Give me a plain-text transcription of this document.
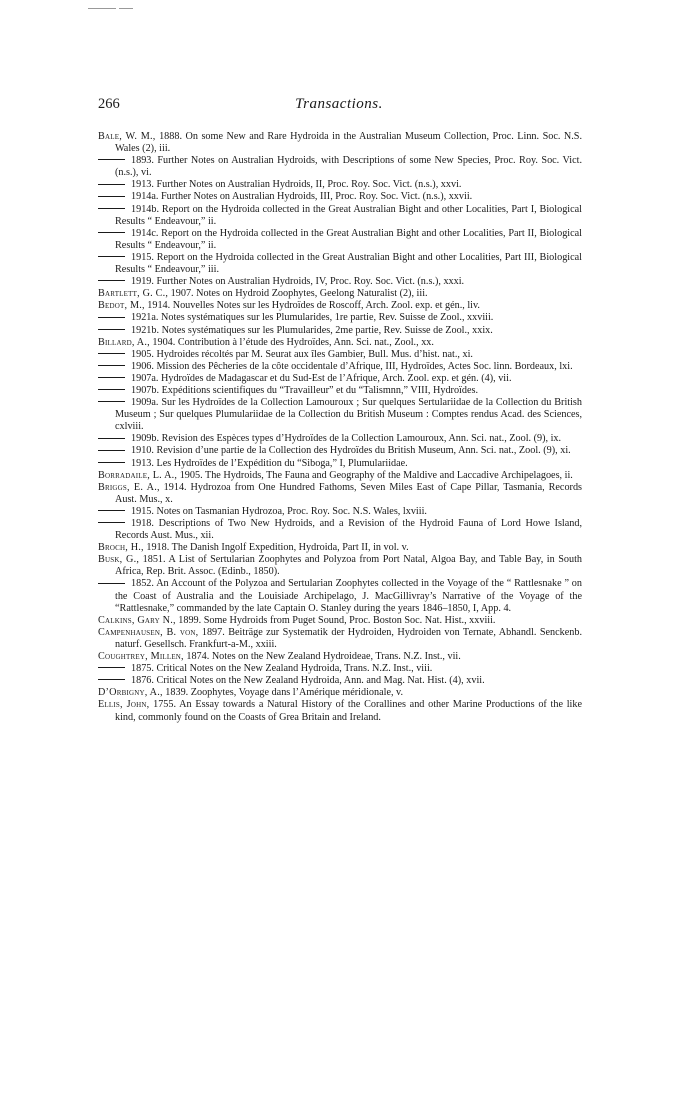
266	Transactions.

Bale, W. M., 1888. On some New and Rare Hydroida in the Australian Museum Collection, Proc. Linn. Soc. N.S. Wales (2), iii.

1893. Further Notes on Australian Hydroids, with Descriptions of some New Species, Proc. Roy. Soc. Vict. (n.s.), vi.

1913. Further Notes on Australian Hydroids, II, Proc. Roy. Soc. Vict. (n.s.), xxvi.

1914a. Further Notes on Australian Hydroids, III, Proc. Roy. Soc. Vict. (n.s.), xxvii.

1914b. Report on the Hydroida collected in the Great Australian Bight and other Localities, Part I, Biological Results “ Endeavour,” ii.

1914c. Report on the Hydroida collected in the Great Australian Bight and other Localities, Part II, Biological Results “ Endeavour,” ii.

1915. Report on the Hydroida collected in the Great Australian Bight and other Localities, Part III, Biological Results “ Endeavour,” iii.

1919. Further Notes on Australian Hydroids, IV, Proc. Roy. Soc. Vict. (n.s.), xxxi.

Bartlett, G. C., 1907. Notes on Hydroid Zoophytes, Geelong Naturalist (2), iii.

Bedot, M., 1914. Nouvelles Notes sur les Hydroïdes de Roscoff, Arch. Zool. exp. et gén., liv.

1921a. Notes systématiques sur les Plumularides, 1re partie, Rev. Suisse de Zool., xxviii.

1921b. Notes systématiques sur les Plumularides, 2me partie, Rev. Suisse de Zool., xxix.

Billard, A., 1904. Contribution à l’étude des Hydroïdes, Ann. Sci. nat., Zool., xx.

1905. Hydroides récoltés par M. Seurat aux îles Gambier, Bull. Mus. d’hist. nat., xi.

1906. Mission des Pêcheries de la côte occidentale d’Afrique, III, Hydroïdes, Actes Soc. linn. Bordeaux, lxi.

1907a. Hydroïdes de Madagascar et du Sud-Est de l’Afrique, Arch. Zool. exp. et gén. (4), vii.

1907b. Expéditions scientifiques du “Travailleur” et du “Talismnn,” VIII, Hydroïdes.

1909a. Sur les Hydroïdes de la Collection Lamouroux ; Sur quelques Sertulariidae de la Collection du British Museum ; Sur quelques Plumulariidae de la Collection du British Museum : Comptes rendus Acad. des Sciences, cxlviii.

1909b. Revision des Espèces types d’Hydroïdes de la Collection Lamouroux, Ann. Sci. nat., Zool. (9), ix.

1910. Revision d’une partie de la Collection des Hydroïdes du British Museum, Ann. Sci. nat., Zool. (9), xi.

1913. Les Hydroïdes de l’Expédition du “Siboga,” I, Plumulariidae.

Borradaile, L. A., 1905. The Hydroids, The Fauna and Geography of the Maldive and Laccadive Archipelagoes, ii.

Briggs, E. A., 1914. Hydrozoa from One Hundred Fathoms, Seven Miles East of Cape Pillar, Tasmania, Records Aust. Mus., x.

1915. Notes on Tasmanian Hydrozoa, Proc. Roy. Soc. N.S. Wales, lxviii.

1918. Descriptions of Two New Hydroids, and a Revision of the Hydroid Fauna of Lord Howe Island, Records Aust. Mus., xii.

Broch, H., 1918. The Danish Ingolf Expedition, Hydroida, Part II, in vol. v.

Busk, G., 1851. A List of Sertularian Zoophytes and Polyzoa from Port Natal, Algoa Bay, and Table Bay, in South Africa, Rep. Brit. Assoc. (Edinb., 1850).

1852. An Account of the Polyzoa and Sertularian Zoophytes collected in the Voyage of the “ Rattlesnake ” on the Coast of Australia and the Louisiade Archipelago, J. MacGillivray’s Narrative of the Voyage of the “Rattlesnake,” commanded by the late Captain O. Stanley during the years 1846–1850, I, App. 4.

Calkins, Gary N., 1899. Some Hydroids from Puget Sound, Proc. Boston Soc. Nat. Hist., xxviii.

Campenhausen, B. von, 1897. Beiträge zur Systematik der Hydroiden, Hydroiden von Ternate, Abhandl. Senckenb. naturf. Gesellsch. Frankfurt-a-M., xxiii.

Coughtrey, Millen, 1874. Notes on the New Zealand Hydroideae, Trans. N.Z. Inst., vii.

1875. Critical Notes on the New Zealand Hydroida, Trans. N.Z. Inst., viii.

1876. Critical Notes on the New Zealand Hydroida, Ann. and Mag. Nat. Hist. (4), xvii.

D’Orbigny, A., 1839. Zoophytes, Voyage dans l’Amérique méridionale, v.

Ellis, John, 1755. An Essay towards a Natural History of the Corallines and other Marine Productions of the like kind, commonly found on the Coasts of Grea Britain and Ireland.
